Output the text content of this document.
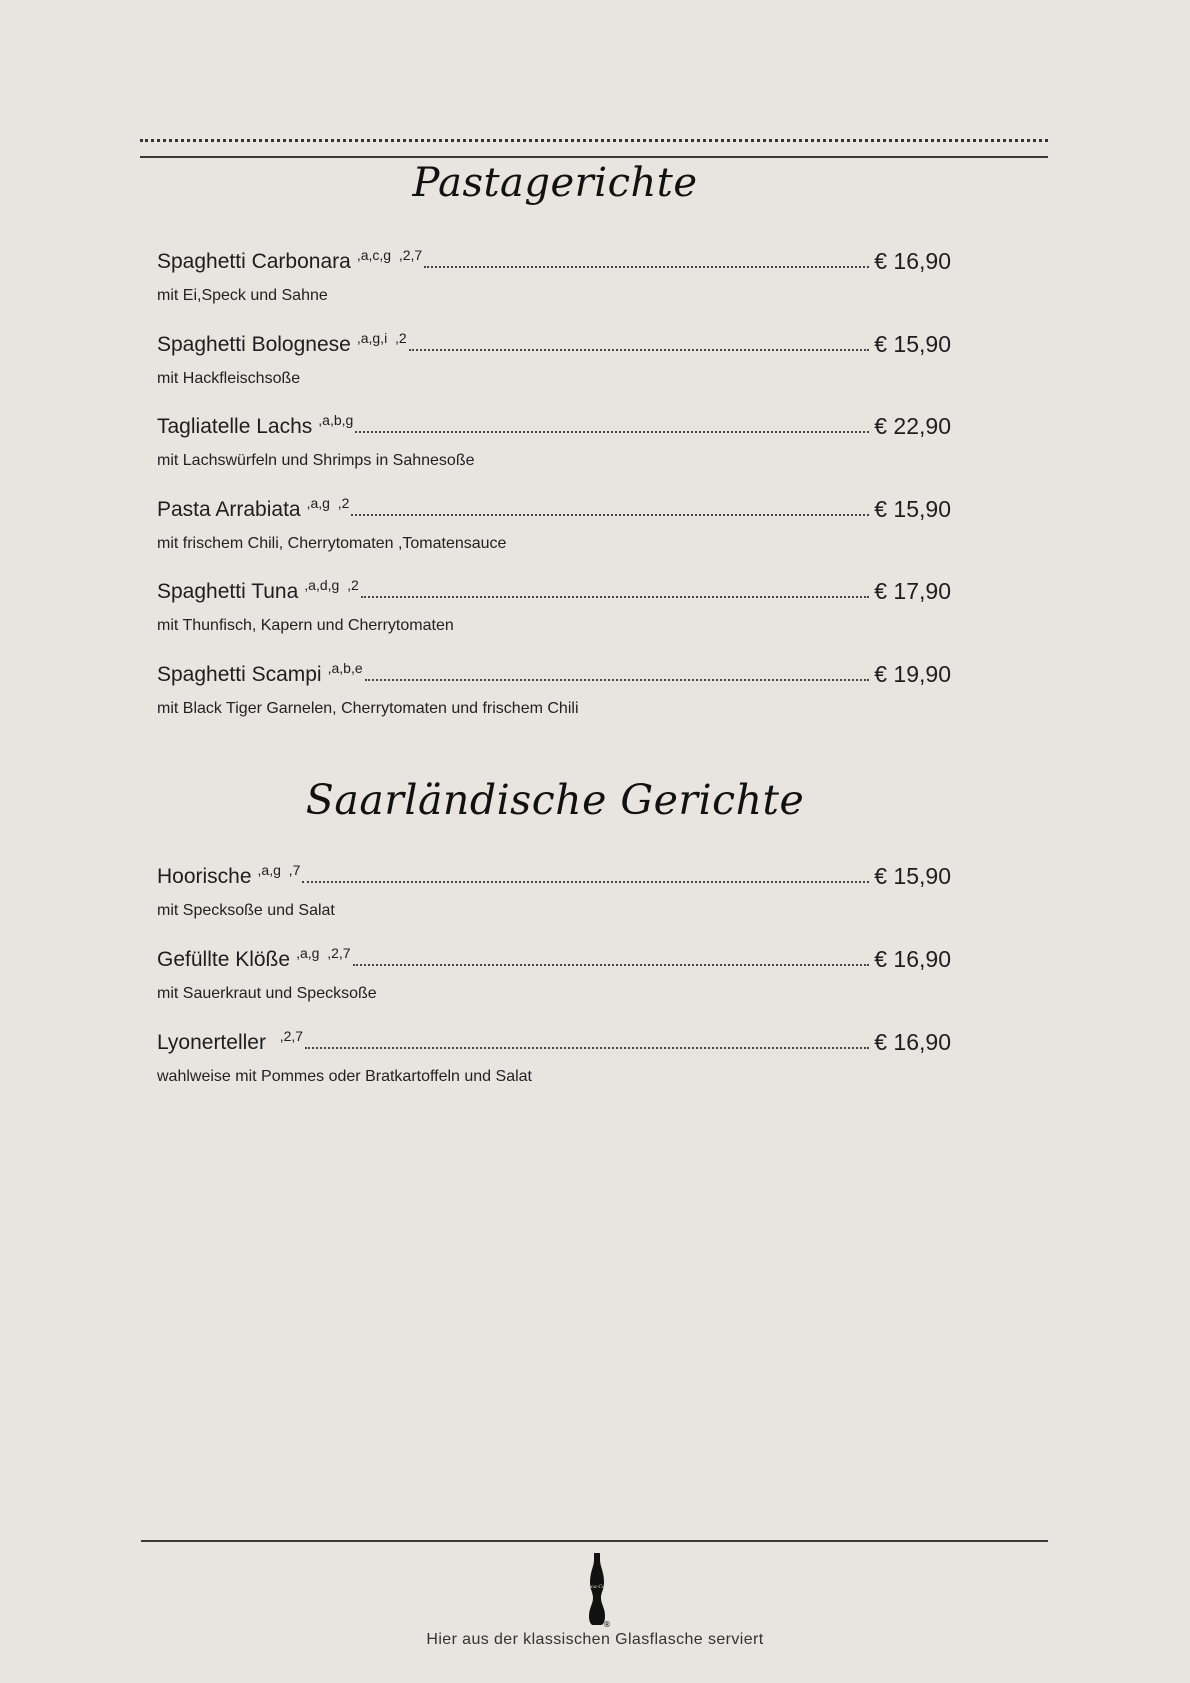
Pastagerichte
Spaghetti Carbonara ,a,c,g  ,2,7	€ 16,90
mit Ei,Speck und Sahne
Spaghetti Bolognese ,a,g,i  ,2	€ 15,90
mit Hackfleischsoße
Tagliatelle Lachs ,a,b,g	€ 22,90
mit Lachswürfeln und Shrimps in Sahnesoße
Pasta Arrabiata ,a,g  ,2	€ 15,90
mit frischem Chili, Cherrytomaten ,Tomatensauce
Spaghetti Tuna ,a,d,g  ,2	€ 17,90
mit Thunfisch, Kapern und Cherrytomaten
Spaghetti Scampi ,a,b,e	€ 19,90
mit Black Tiger Garnelen, Cherrytomaten und frischem Chili
Saarländische Gerichte
Hoorische ,a,g  ,7	€ 15,90
mit Specksoße und Salat
Gefüllte Klöße ,a,g  ,2,7	€ 16,90
mit Sauerkraut und Specksoße
Lyonerteller ,2,7	€ 16,90
wahlweise mit Pommes oder Bratkartoffeln und Salat
Coca-Cola
®
Hier aus der klassischen Glasflasche serviert
